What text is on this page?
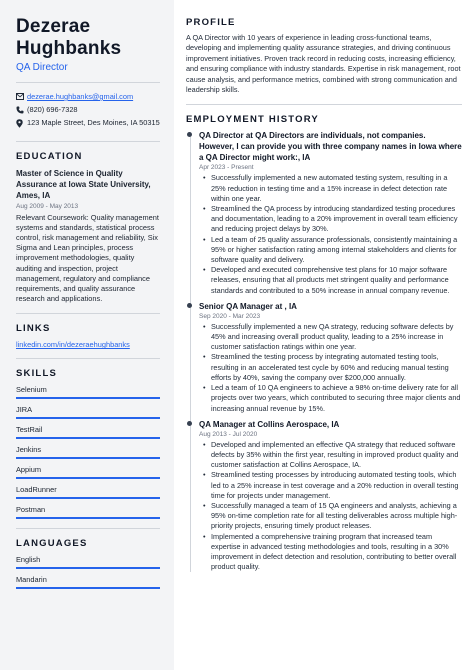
Dezerae
Hughbanks
QA Director
dezerae.hughbanks@gmail.com
(820) 696-7328
123 Maple Street, Des Moines, IA 50315
EDUCATION
Master of Science in Quality Assurance at Iowa State University, Ames, IA
Aug 2009 - May 2013
Relevant Coursework: Quality management systems and standards, statistical process control, risk management and reliability, Six Sigma and Lean principles, process improvement methodologies, quality auditing and inspection, project management, regulatory and compliance requirements, and quality assurance research and applications.
LINKS
linkedin.com/in/dezeraehughbanks
SKILLS
Selenium
JIRA
TestRail
Jenkins
Appium
LoadRunner
Postman
LANGUAGES
English
Mandarin
PROFILE
A QA Director with 10 years of experience in leading cross-functional teams, developing and implementing quality assurance strategies, and driving continuous improvement initiatives. Proven track record in reducing costs, increasing efficiency, and ensuring compliance with industry standards. Expertise in risk management, root cause analysis, and performance metrics, combined with strong communication and leadership skills.
EMPLOYMENT HISTORY
QA Director at QA Directors are individuals, not companies. However, I can provide you with three company names in Iowa where a QA Director might work:, IA
Apr 2023 - Present
• Successfully implemented a new automated testing system, resulting in a 25% reduction in testing time and a 15% increase in defect detection rate within one year.
• Streamlined the QA process by introducing standardized testing procedures and documentation, leading to a 20% improvement in overall team efficiency and reducing project delays by 30%.
• Led a team of 25 quality assurance professionals, consistently maintaining a 95% or higher satisfaction rating among internal stakeholders and clients for software quality and delivery.
• Developed and executed comprehensive test plans for 10 major software releases, ensuring that all products met stringent quality and performance standards and contributed to a 50% increase in annual company revenue.
Senior QA Manager at , IA
Sep 2020 - Mar 2023
• Successfully implemented a new QA strategy, reducing software defects by 45% and increasing overall product quality, leading to a 25% increase in customer satisfaction ratings within one year.
• Streamlined the testing process by integrating automated testing tools, resulting in an accelerated test cycle by 60% and reducing manual testing efforts by 40%, saving the company over $200,000 annually.
• Led a team of 10 QA engineers to achieve a 98% on-time delivery rate for all projects over two years, which contributed to securing three major clients and increasing annual revenue by 15%.
QA Manager at Collins Aerospace, IA
Aug 2013 - Jul 2020
• Developed and implemented an effective QA strategy that reduced software defects by 35% within the first year, resulting in improved product quality and customer satisfaction at Collins Aerospace, IA.
• Streamlined testing processes by introducing automated testing tools, which led to a 25% increase in test coverage and a 20% reduction in overall testing time for projects under management.
• Successfully managed a team of 15 QA engineers and analysts, achieving a 95% on-time completion rate for all testing deliverables across multiple high-priority projects, ensuring timely product releases.
• Implemented a comprehensive training program that increased team expertise in advanced testing methodologies and tools, resulting in a 30% improvement in defect detection and resolution, contributing to better overall product quality.
